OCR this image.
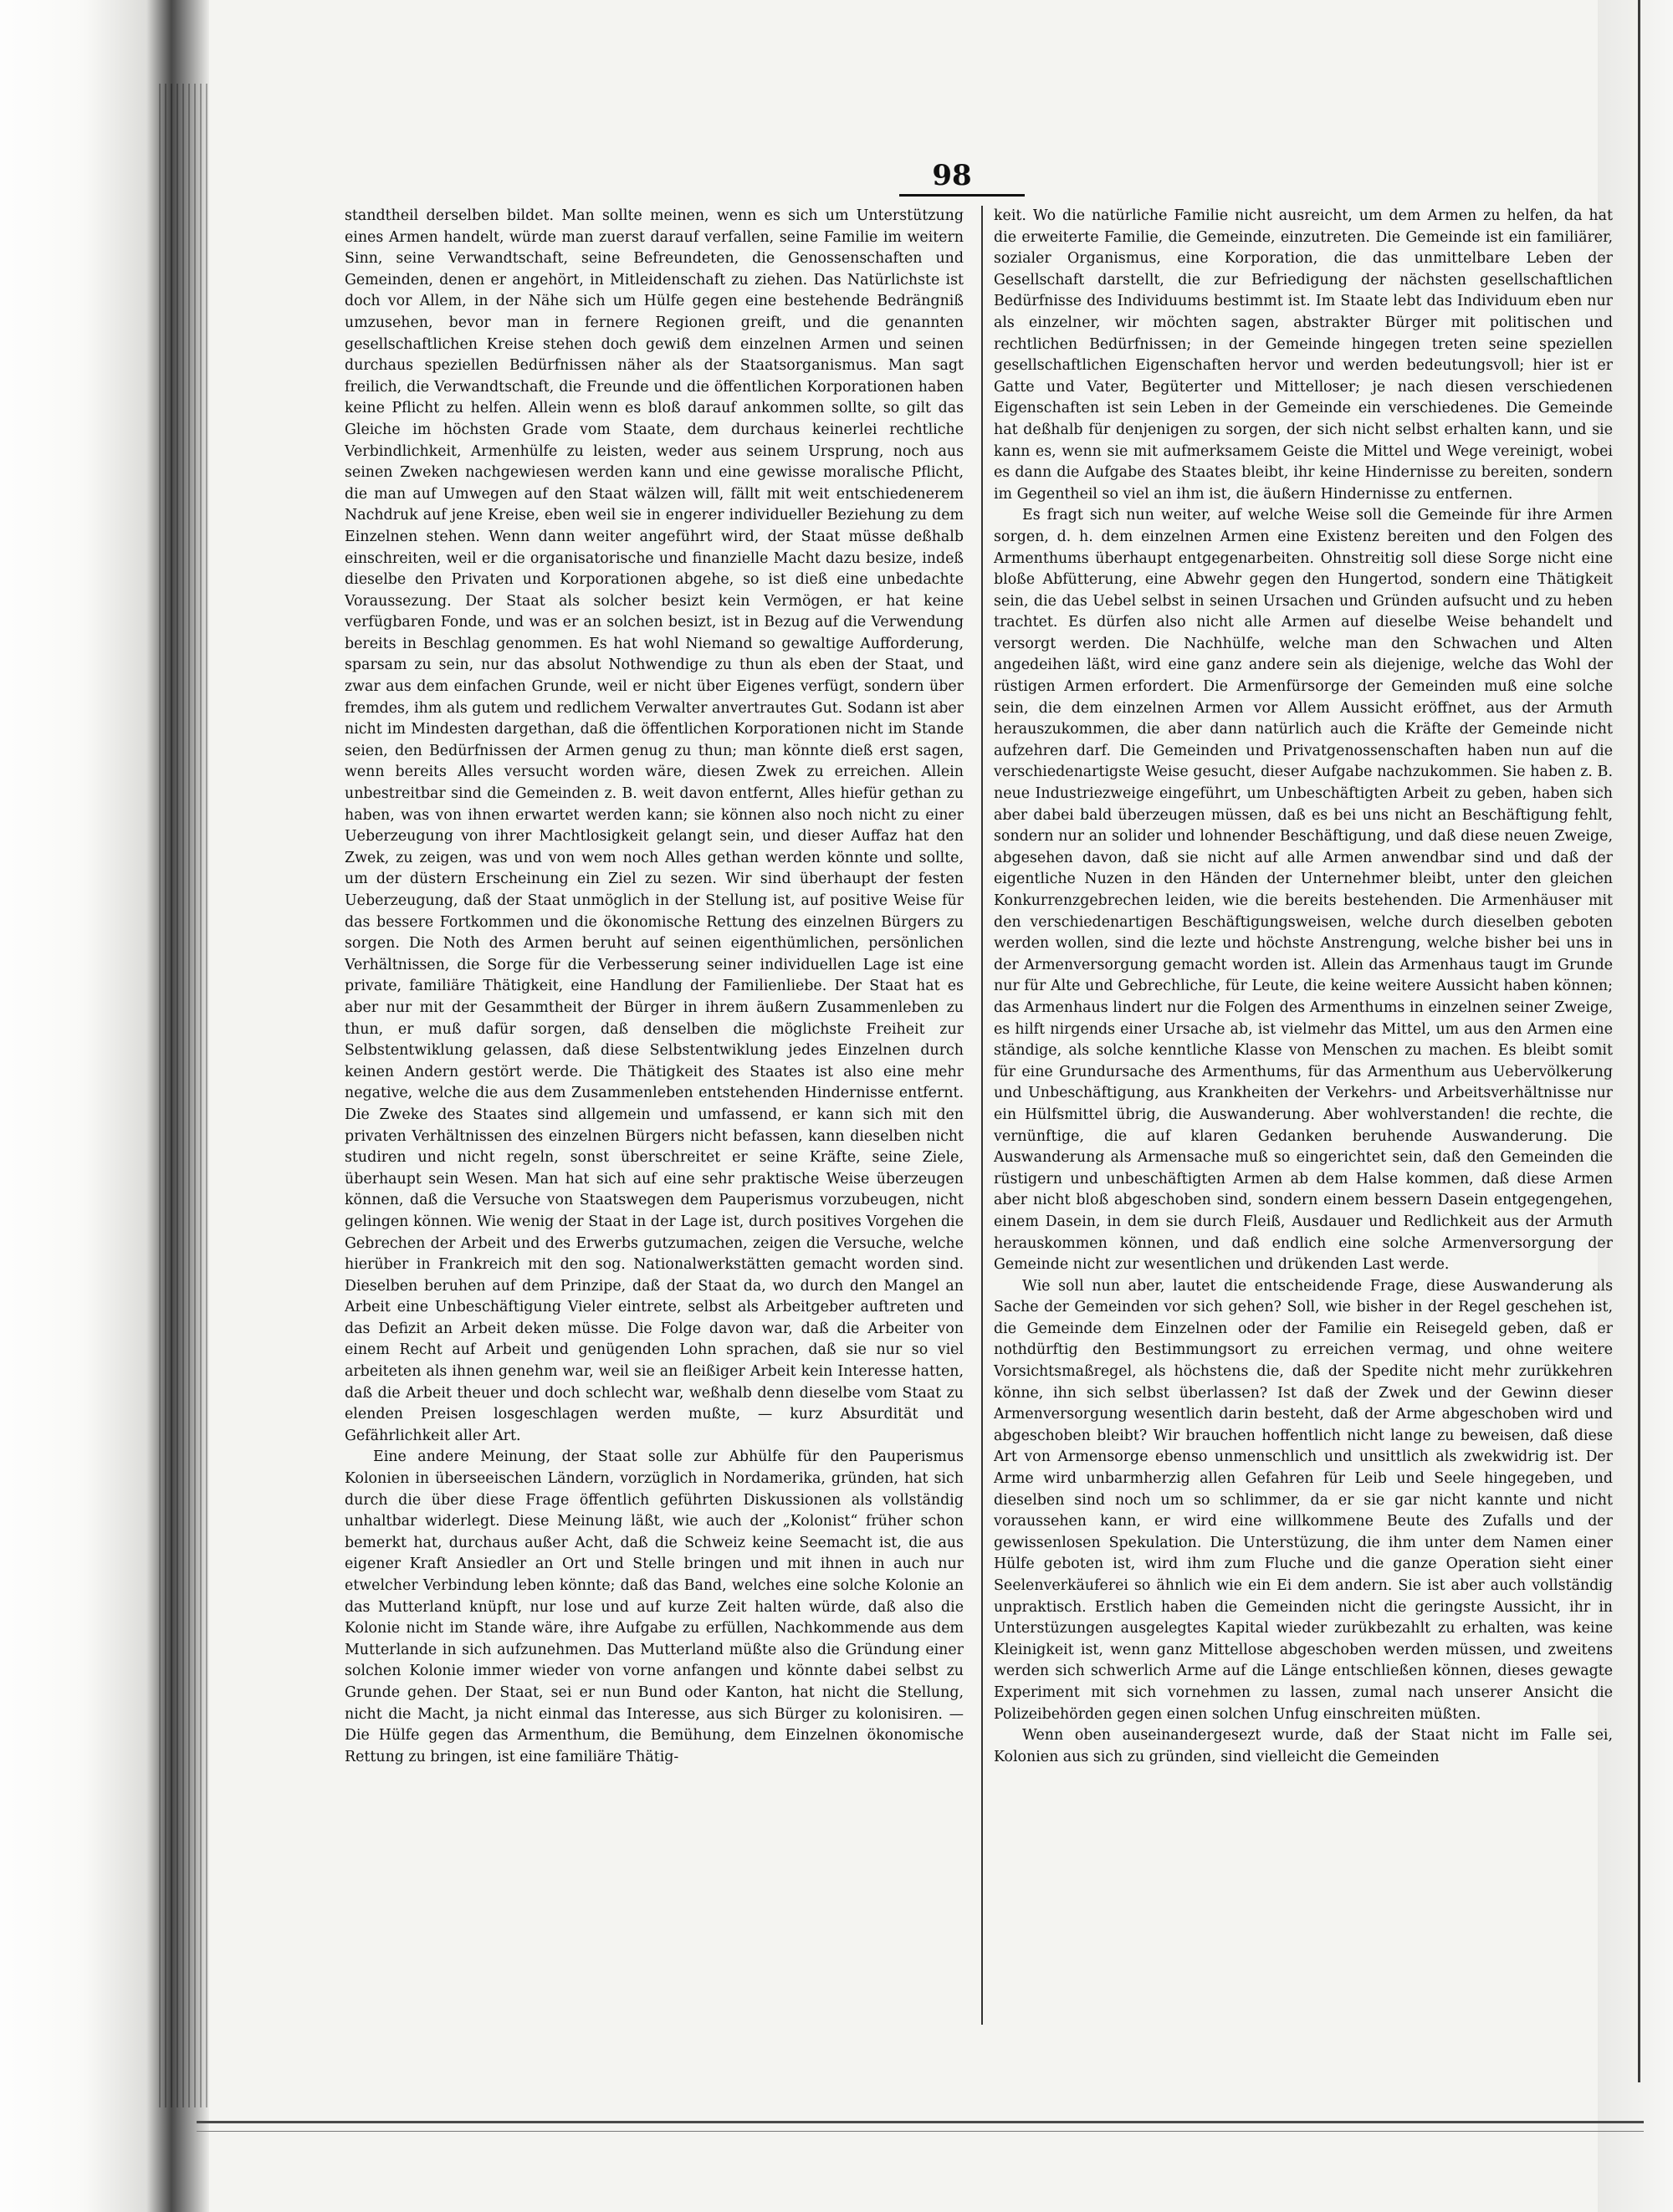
98

standtheil derselben bildet. Man sollte meinen, wenn es sich um Unterstützung eines Armen handelt, würde man zuerst darauf verfallen, seine Familie im weitern Sinn, seine Verwandtschaft, seine Befreundeten, die Genossenschaften und Gemeinden, denen er angehört, in Mitleidenschaft zu ziehen. Das Natürlichste ist doch vor Allem, in der Nähe sich um Hülfe gegen eine bestehende Bedrängniß umzusehen, bevor man in fernere Regionen greift, und die genannten gesellschaftlichen Kreise stehen doch gewiß dem einzelnen Armen und seinen durchaus speziellen Bedürfnissen näher als der Staatsorganismus. Man sagt freilich, die Verwandtschaft, die Freunde und die öffentlichen Korporationen haben keine Pflicht zu helfen. Allein wenn es bloß darauf ankommen sollte, so gilt das Gleiche im höchsten Grade vom Staate, dem durchaus keinerlei rechtliche Verbindlichkeit, Armenhülfe zu leisten, weder aus seinem Ursprung, noch aus seinen Zweken nachgewiesen werden kann und eine gewisse moralische Pflicht, die man auf Umwegen auf den Staat wälzen will, fällt mit weit entschiedenerem Nachdruk auf jene Kreise, eben weil sie in engerer individueller Beziehung zu dem Einzelnen stehen. Wenn dann weiter angeführt wird, der Staat müsse deßhalb einschreiten, weil er die organisatorische und finanzielle Macht dazu besize, indeß dieselbe den Privaten und Korporationen abgehe, so ist dieß eine unbedachte Voraussezung. Der Staat als solcher besizt kein Vermögen, er hat keine verfügbaren Fonde, und was er an solchen besizt, ist in Bezug auf die Verwendung bereits in Beschlag genommen. Es hat wohl Niemand so gewaltige Aufforderung, sparsam zu sein, nur das absolut Nothwendige zu thun als eben der Staat, und zwar aus dem einfachen Grunde, weil er nicht über Eigenes verfügt, sondern über fremdes, ihm als gutem und redlichem Verwalter anvertrautes Gut. Sodann ist aber nicht im Mindesten dargethan, daß die öffentlichen Korporationen nicht im Stande seien, den Bedürfnissen der Armen genug zu thun; man könnte dieß erst sagen, wenn bereits Alles versucht worden wäre, diesen Zwek zu erreichen. Allein unbestreitbar sind die Gemeinden z. B. weit davon entfernt, Alles hiefür gethan zu haben, was von ihnen erwartet werden kann; sie können also noch nicht zu einer Ueberzeugung von ihrer Machtlosigkeit gelangt sein, und dieser Auffaz hat den Zwek, zu zeigen, was und von wem noch Alles gethan werden könnte und sollte, um der düstern Erscheinung ein Ziel zu sezen. Wir sind überhaupt der festen Ueberzeugung, daß der Staat unmöglich in der Stellung ist, auf positive Weise für das bessere Fortkommen und die ökonomische Rettung des einzelnen Bürgers zu sorgen. Die Noth des Armen beruht auf seinen eigenthümlichen, persönlichen Verhältnissen, die Sorge für die Verbesserung seiner individuellen Lage ist eine private, familiäre Thätigkeit, eine Handlung der Familienliebe. Der Staat hat es aber nur mit der Gesammtheit der Bürger in ihrem äußern Zusammenleben zu thun, er muß dafür sorgen, daß denselben die möglichste Freiheit zur Selbstentwiklung gelassen, daß diese Selbstentwiklung jedes Einzelnen durch keinen Andern gestört werde. Die Thätigkeit des Staates ist also eine mehr negative, welche die aus dem Zusammenleben entstehenden Hindernisse entfernt. Die Zweke des Staates sind allgemein und umfassend, er kann sich mit den privaten Verhältnissen des einzelnen Bürgers nicht befassen, kann dieselben nicht studiren und nicht regeln, sonst überschreitet er seine Kräfte, seine Ziele, überhaupt sein Wesen. Man hat sich auf eine sehr praktische Weise überzeugen können, daß die Versuche von Staatswegen dem Pauperismus vorzubeugen, nicht gelingen können. Wie wenig der Staat in der Lage ist, durch positives Vorgehen die Gebrechen der Arbeit und des Erwerbs gutzumachen, zeigen die Versuche, welche hierüber in Frankreich mit den sog. Nationalwerkstätten gemacht worden sind. Dieselben beruhen auf dem Prinzipe, daß der Staat da, wo durch den Mangel an Arbeit eine Unbeschäftigung Vieler eintrete, selbst als Arbeitgeber auftreten und das Defizit an Arbeit deken müsse. Die Folge davon war, daß die Arbeiter von einem Recht auf Arbeit und genügenden Lohn sprachen, daß sie nur so viel arbeiteten als ihnen genehm war, weil sie an fleißiger Arbeit kein Interesse hatten, daß die Arbeit theuer und doch schlecht war, weßhalb denn dieselbe vom Staat zu elenden Preisen losgeschlagen werden mußte, — kurz Absurdität und Gefährlichkeit aller Art.

Eine andere Meinung, der Staat solle zur Abhülfe für den Pauperismus Kolonien in überseeischen Ländern, vorzüglich in Nordamerika, gründen, hat sich durch die über diese Frage öffentlich geführten Diskussionen als vollständig unhaltbar widerlegt. Diese Meinung läßt, wie auch der „Kolonist“ früher schon bemerkt hat, durchaus außer Acht, daß die Schweiz keine Seemacht ist, die aus eigener Kraft Ansiedler an Ort und Stelle bringen und mit ihnen in auch nur etwelcher Verbindung leben könnte; daß das Band, welches eine solche Kolonie an das Mutterland knüpft, nur lose und auf kurze Zeit halten würde, daß also die Kolonie nicht im Stande wäre, ihre Aufgabe zu erfüllen, Nachkommende aus dem Mutterlande in sich aufzunehmen. Das Mutterland müßte also die Gründung einer solchen Kolonie immer wieder von vorne anfangen und könnte dabei selbst zu Grunde gehen. Der Staat, sei er nun Bund oder Kanton, hat nicht die Stellung, nicht die Macht, ja nicht einmal das Interesse, aus sich Bürger zu kolonisiren. — Die Hülfe gegen das Armenthum, die Bemühung, dem Einzelnen ökonomische Rettung zu bringen, ist eine familiäre Thätig-

keit. Wo die natürliche Familie nicht ausreicht, um dem Armen zu helfen, da hat die erweiterte Familie, die Gemeinde, einzutreten. Die Gemeinde ist ein familiärer, sozialer Organismus, eine Korporation, die das unmittelbare Leben der Gesellschaft darstellt, die zur Befriedigung der nächsten gesellschaftlichen Bedürfnisse des Individuums bestimmt ist. Im Staate lebt das Individuum eben nur als einzelner, wir möchten sagen, abstrakter Bürger mit politischen und rechtlichen Bedürfnissen; in der Gemeinde hingegen treten seine speziellen gesellschaftlichen Eigenschaften hervor und werden bedeutungsvoll; hier ist er Gatte und Vater, Begüterter und Mittelloser; je nach diesen verschiedenen Eigenschaften ist sein Leben in der Gemeinde ein verschiedenes. Die Gemeinde hat deßhalb für denjenigen zu sorgen, der sich nicht selbst erhalten kann, und sie kann es, wenn sie mit aufmerksamem Geiste die Mittel und Wege vereinigt, wobei es dann die Aufgabe des Staates bleibt, ihr keine Hindernisse zu bereiten, sondern im Gegentheil so viel an ihm ist, die äußern Hindernisse zu entfernen.

Es fragt sich nun weiter, auf welche Weise soll die Gemeinde für ihre Armen sorgen, d. h. dem einzelnen Armen eine Existenz bereiten und den Folgen des Armenthums überhaupt entgegenarbeiten. Ohnstreitig soll diese Sorge nicht eine bloße Abfütterung, eine Abwehr gegen den Hungertod, sondern eine Thätigkeit sein, die das Uebel selbst in seinen Ursachen und Gründen aufsucht und zu heben trachtet. Es dürfen also nicht alle Armen auf dieselbe Weise behandelt und versorgt werden. Die Nachhülfe, welche man den Schwachen und Alten angedeihen läßt, wird eine ganz andere sein als diejenige, welche das Wohl der rüstigen Armen erfordert. Die Armenfürsorge der Gemeinden muß eine solche sein, die dem einzelnen Armen vor Allem Aussicht eröffnet, aus der Armuth herauszukommen, die aber dann natürlich auch die Kräfte der Gemeinde nicht aufzehren darf. Die Gemeinden und Privatgenossenschaften haben nun auf die verschiedenartigste Weise gesucht, dieser Aufgabe nachzukommen. Sie haben z. B. neue Industriezweige eingeführt, um Unbeschäftigten Arbeit zu geben, haben sich aber dabei bald überzeugen müssen, daß es bei uns nicht an Beschäftigung fehlt, sondern nur an solider und lohnender Beschäftigung, und daß diese neuen Zweige, abgesehen davon, daß sie nicht auf alle Armen anwendbar sind und daß der eigentliche Nuzen in den Händen der Unternehmer bleibt, unter den gleichen Konkurrenzgebrechen leiden, wie die bereits bestehenden. Die Armenhäuser mit den verschiedenartigen Beschäftigungsweisen, welche durch dieselben geboten werden wollen, sind die lezte und höchste Anstrengung, welche bisher bei uns in der Armenversorgung gemacht worden ist. Allein das Armenhaus taugt im Grunde nur für Alte und Gebrechliche, für Leute, die keine weitere Aussicht haben können; das Armenhaus lindert nur die Folgen des Armenthums in einzelnen seiner Zweige, es hilft nirgends einer Ursache ab, ist vielmehr das Mittel, um aus den Armen eine ständige, als solche kenntliche Klasse von Menschen zu machen. Es bleibt somit für eine Grundursache des Armenthums, für das Armenthum aus Uebervölkerung und Unbeschäftigung, aus Krankheiten der Verkehrs- und Arbeitsverhältnisse nur ein Hülfsmittel übrig, die Auswanderung. Aber wohlverstanden! die rechte, die vernünftige, die auf klaren Gedanken beruhende Auswanderung. Die Auswanderung als Armensache muß so eingerichtet sein, daß den Gemeinden die rüstigern und unbeschäftigten Armen ab dem Halse kommen, daß diese Armen aber nicht bloß abgeschoben sind, sondern einem bessern Dasein entgegengehen, einem Dasein, in dem sie durch Fleiß, Ausdauer und Redlichkeit aus der Armuth herauskommen können, und daß endlich eine solche Armenversorgung der Gemeinde nicht zur wesentlichen und drükenden Last werde.

Wie soll nun aber, lautet die entscheidende Frage, diese Auswanderung als Sache der Gemeinden vor sich gehen? Soll, wie bisher in der Regel geschehen ist, die Gemeinde dem Einzelnen oder der Familie ein Reisegeld geben, daß er nothdürftig den Bestimmungsort zu erreichen vermag, und ohne weitere Vorsichtsmaßregel, als höchstens die, daß der Spedite nicht mehr zurükkehren könne, ihn sich selbst überlassen? Ist daß der Zwek und der Gewinn dieser Armenversorgung wesentlich darin besteht, daß der Arme abgeschoben wird und abgeschoben bleibt? Wir brauchen hoffentlich nicht lange zu beweisen, daß diese Art von Armensorge ebenso unmenschlich und unsittlich als zwekwidrig ist. Der Arme wird unbarmherzig allen Gefahren für Leib und Seele hingegeben, und dieselben sind noch um so schlimmer, da er sie gar nicht kannte und nicht voraussehen kann, er wird eine willkommene Beute des Zufalls und der gewissenlosen Spekulation. Die Unterstüzung, die ihm unter dem Namen einer Hülfe geboten ist, wird ihm zum Fluche und die ganze Operation sieht einer Seelenverkäuferei so ähnlich wie ein Ei dem andern. Sie ist aber auch vollständig unpraktisch. Erstlich haben die Gemeinden nicht die geringste Aussicht, ihr in Unterstüzungen ausgelegtes Kapital wieder zurükbezahlt zu erhalten, was keine Kleinigkeit ist, wenn ganz Mittellose abgeschoben werden müssen, und zweitens werden sich schwerlich Arme auf die Länge entschließen können, dieses gewagte Experiment mit sich vornehmen zu lassen, zumal nach unserer Ansicht die Polizeibehörden gegen einen solchen Unfug einschreiten müßten.

Wenn oben auseinandergesezt wurde, daß der Staat nicht im Falle sei, Kolonien aus sich zu gründen, sind vielleicht die Gemeinden
